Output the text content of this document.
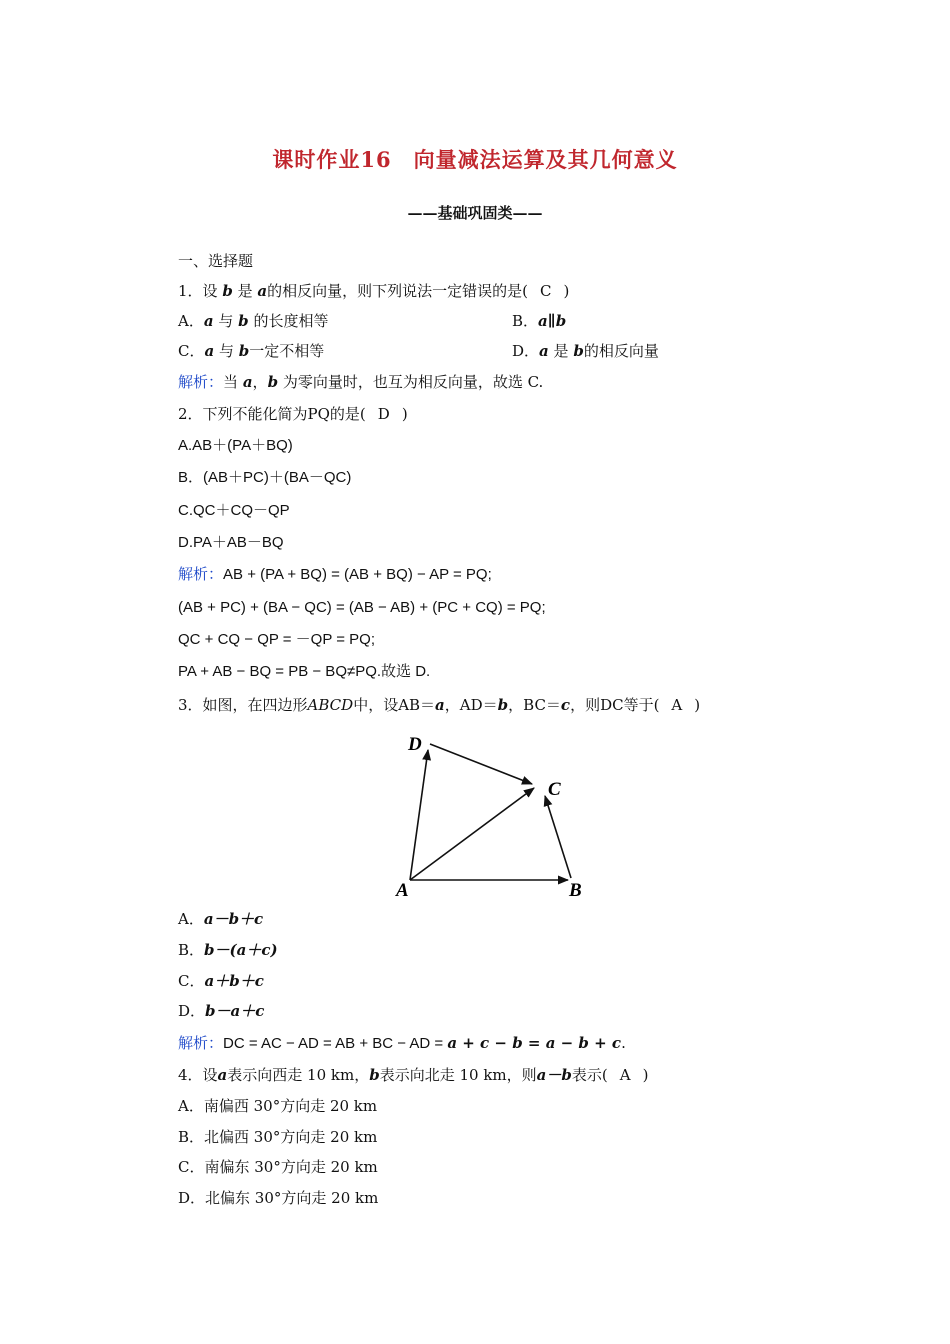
课时作业16　向量减法运算及其几何意义
——基础巩固类——
一、选择题
1．设 b 是 a的相反向量，则下列说法一定错误的是( C )
A．a 与 b 的长度相等	B．a∥b
C．a 与 b一定不相等	D．a 是 b的相反向量
解析：当 a，b 为零向量时，也互为相反向量，故选 C.
2．下列不能化简为PQ的是( D )
A.AB＋(PA＋BQ)
B．(AB＋PC)＋(BA－QC)
C.QC＋CQ－QP
D.PA＋AB－BQ
解析：AB + (PA + BQ) = (AB + BQ) − AP = PQ;
(AB + PC) + (BA − QC) = (AB − AB) + (PC + CQ) = PQ;
QC + CQ − QP = －QP = PQ;
PA + AB − BQ = PB − BQ≠PQ.故选 D.
3．如图，在四边形ABCD中，设AB＝a，AD＝b，BC＝c，则DC等于( A )
D
C
A	B
A．a－b＋c
B．b－(a＋c)
C．a＋b＋c
D．b－a＋c
解析：DC = AC − AD = AB + BC − AD = a + c − b = a − b + c.
4．设a表示向西走 10 km，b表示向北走 10 km，则a－b表示( A )
A．南偏西 30°方向走 20 km
B．北偏西 30°方向走 20 km
C．南偏东 30°方向走 20 km
D．北偏东 30°方向走 20 km
